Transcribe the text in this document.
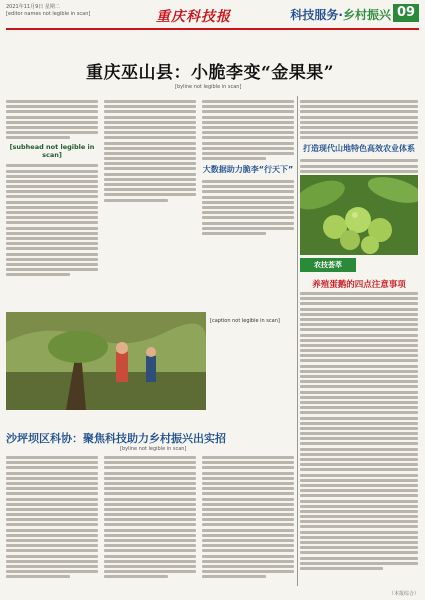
2021年11月9日 星期二
[editor names not legible in scan]	重庆科技报	科技服务·乡村振兴 09
重庆巫山县：小脆李变“金果果”
[byline not legible in scan]
[subhead not legible in scan]
大数据助力脆李“行天下”
打造现代山地特色高效农业体系
农技荟萃
养殖蛋鹅的四点注意事项
[caption not legible in scan]
沙坪坝区科协：聚焦科技助力乡村振兴出实招
[byline not legible in scan]
（本报综合）
